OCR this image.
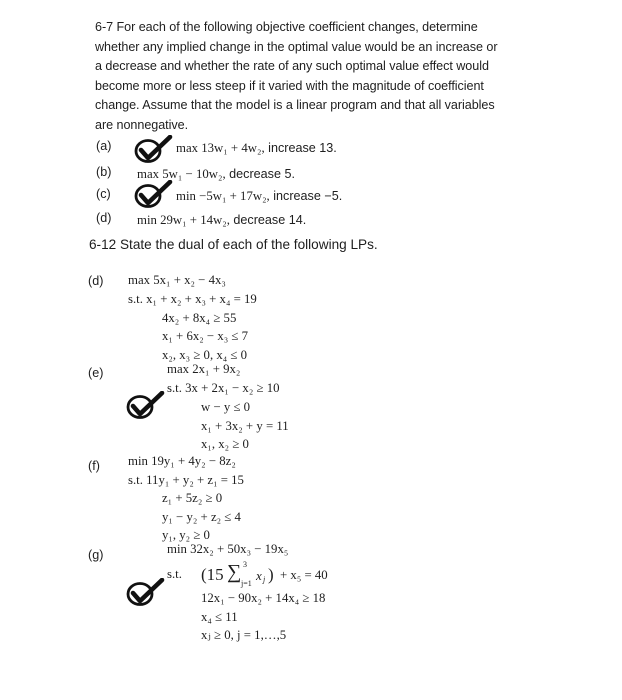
6-7 For each of the following objective coefficient changes, determine
whether any implied change in the optimal value would be an increase or
a decrease and whether the rate of any such optimal value effect would
become more or less steep if it varied with the magnitude of coefficient
change. Assume that the model is a linear program and that all variables
are nonnegative.
(a)	max 13w₁ + 4w₂, increase 13.
(b) max 5w₁ − 10w₂, decrease 5.
(c)	min −5w₁ + 17w₂, increase −5.
(d) min 29w₁ + 14w₂, decrease 14.
6-12 State the dual of each of the following LPs.
(d) max 5x₁ + x₂ − 4x₃
s.t. x₁ + x₂ + x₃ + x₄ = 19
4x₂ + 8x₄ ≥ 55
x₁ + 6x₂ − x₃ ≤ 7
x₂, x₃ ≥ 0, x₄ ≤ 0
(e)	max 2x₁ + 9x₂
s.t. 3x + 2x₁ − x₂ ≥ 10
w − y ≤ 0
x₁ + 3x₂ + y = 11
x₁, x₂ ≥ 0
(f) min 19y₁ + 4y₂ − 8z₂
s.t. 11y₁ + y₂ + z₁ = 15
z₁ + 5z₂ ≥ 0
y₁ − y₂ + z₂ ≤ 4
y₁, y₂ ≥ 0
(g)	min 32x₂ + 50x₃ − 19x₅
s.t. (15 ∑ 3
j=1
x j ) + x₅ = 40
12x₁ − 90x₂ + 14x₄ ≥ 18
x₄ ≤ 11
xⱼ ≥ 0, j = 1,…,5
